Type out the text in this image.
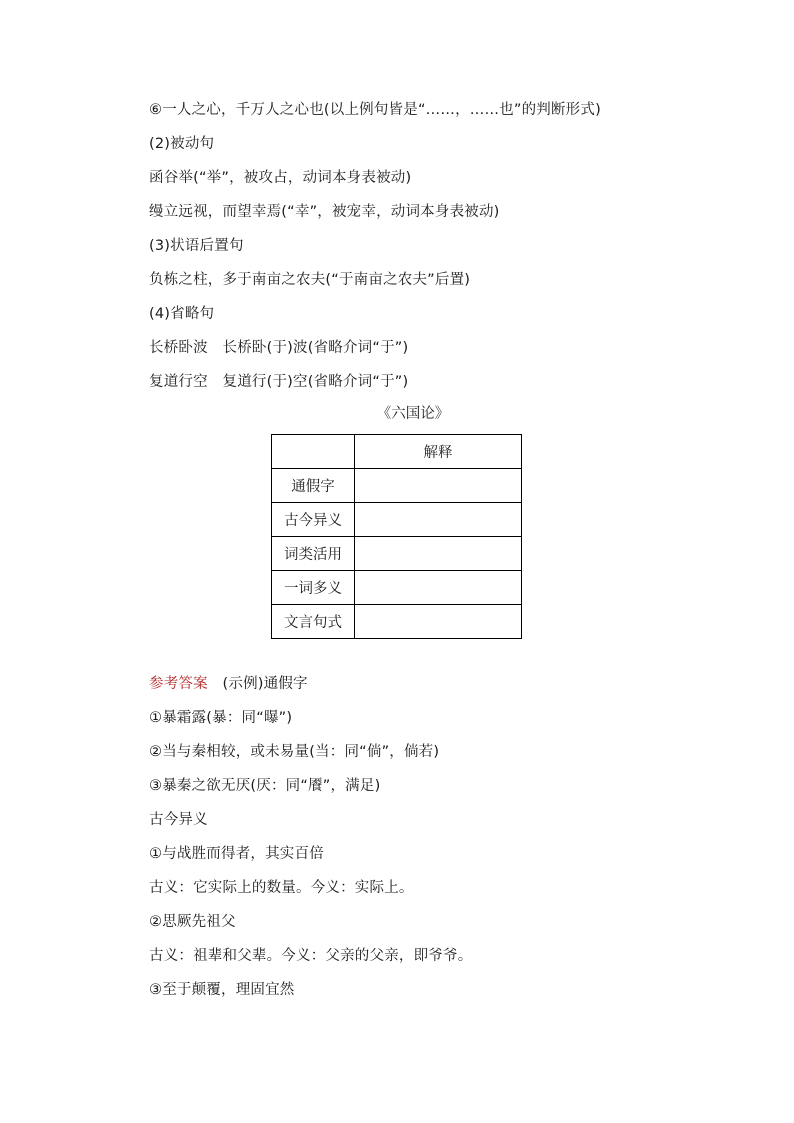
⑥一人之心，千万人之心也(以上例句皆是“……，……也”的判断形式)
(2)被动句
函谷举(“举”，被攻占，动词本身表被动)
缦立远视，而望幸焉(“幸”，被宠幸，动词本身表被动)
(3)状语后置句
负栋之柱，多于南亩之农夫(“于南亩之农夫”后置)
(4)省略句
长桥卧波　长桥卧(于)波(省略介词“于”)
复道行空　复道行(于)空(省略介词“于”)
《六国论》
	解释
通假字	
古今异义	
词类活用	
一词多义	
文言句式	
参考答案　(示例)通假字
①暴霜露(暴：同“曝”)
②当与秦相较，或未易量(当：同“倘”，倘若)
③暴秦之欲无厌(厌：同“餍”，满足)
古今异义
①与战胜而得者，其实百倍
古义：它实际上的数量。今义：实际上。
②思厥先祖父
古义：祖辈和父辈。今义：父亲的父亲，即爷爷。
③至于颠覆，理固宜然
